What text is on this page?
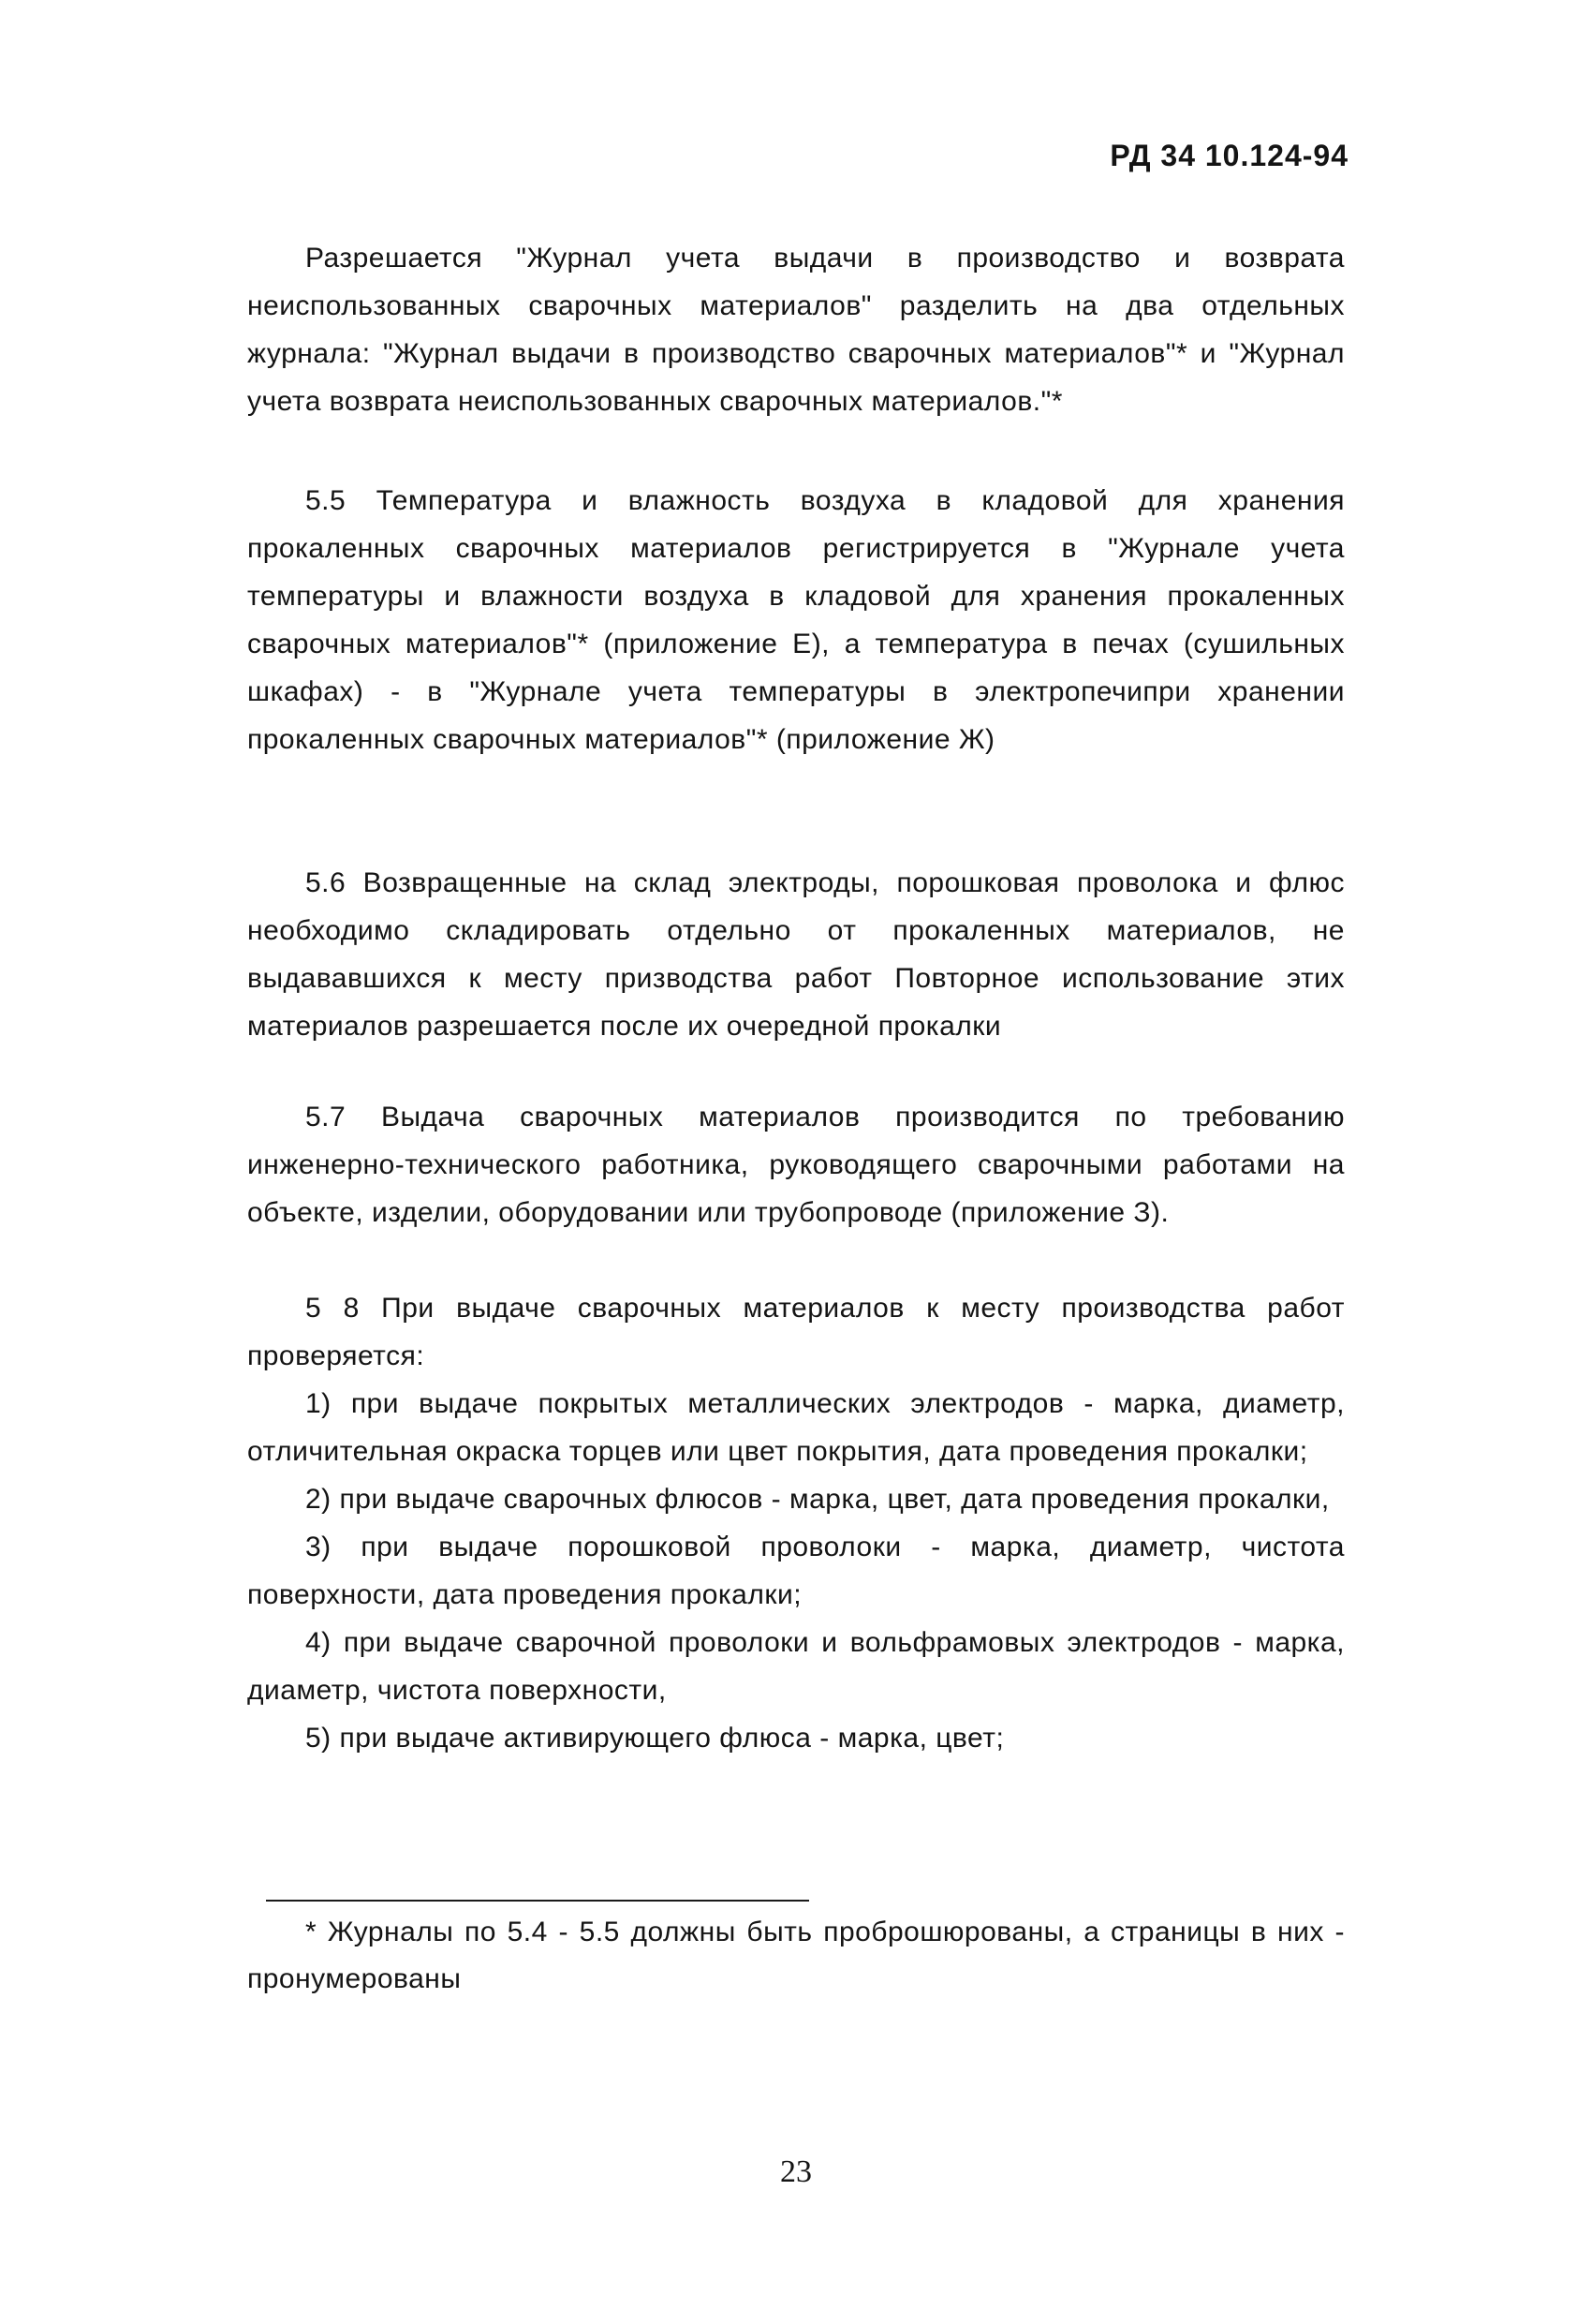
РД 34 10.124-94

Разрешается "Журнал учета выдачи в производство и возврата неиспользованных сварочных материалов" разделить на два отдельных журнала: "Журнал выдачи в производство сварочных материалов"* и "Журнал учета возврата неиспользованных сварочных материалов."*

5.5 Температура и влажность воздуха в кладовой для хранения прокаленных сварочных материалов регистрируется в "Журнале учета температуры и влажности воздуха в кладовой для хранения прокаленных сварочных материалов"* (приложение Е), а температура в печах (сушильных шкафах) - в "Журнале учета температуры в электропечипри хранении прокаленных сварочных материалов"* (приложение Ж)

5.6 Возвращенные на склад электроды, порошковая проволока и флюс необходимо складировать отдельно от прокаленных материалов, не выдававшихся к месту призводства работ Повторное использование этих материалов разрешается после их очередной прокалки

5.7 Выдача сварочных материалов производится по требованию инженерно-технического работника, руководящего сварочными работами на объекте, изделии, оборудовании или трубопроводе (приложение З).

5 8 При выдаче сварочных материалов к месту производства работ проверяется:

1) при выдаче покрытых металлических электродов - марка, диаметр, отличительная окраска торцев или цвет покрытия, дата проведения прокалки;

2) при выдаче сварочных флюсов - марка, цвет, дата проведения прокалки,

3) при выдаче порошковой проволоки - марка, диаметр, чистота поверхности, дата проведения прокалки;

4) при выдаче сварочной проволоки и вольфрамовых электродов - марка, диаметр, чистота поверхности,

5) при выдаче активирующего флюса - марка, цвет;

* Журналы по 5.4 - 5.5 должны быть проброшюрованы, а страницы в них - пронумерованы

23
